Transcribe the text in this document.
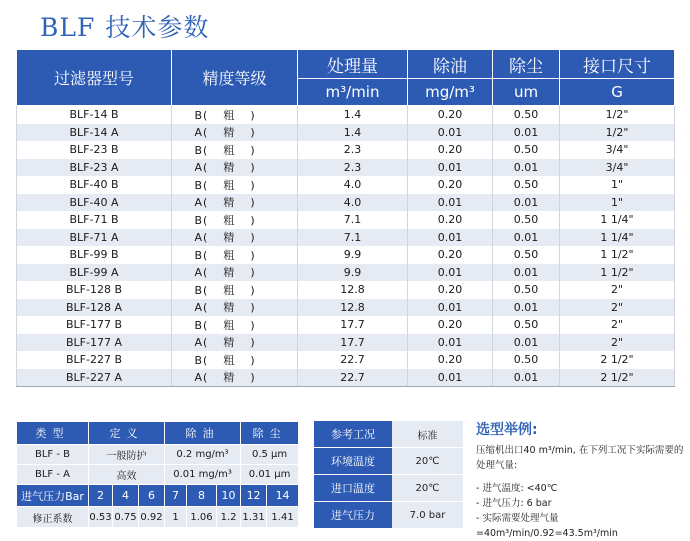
BLF 技术参数
过滤器型号	精度等级	处理量	除油	除尘	接口尺寸
		m³/min	mg/m³	um	G
BLF-14 B	B( 粗 )	1.4	0.20	0.50	1/2"
BLF-14 A	A( 精 )	1.4	0.01	0.01	1/2"
BLF-23 B	B( 粗 )	2.3	0.20	0.50	3/4"
BLF-23 A	A( 精 )	2.3	0.01	0.01	3/4"
BLF-40 B	B( 粗 )	4.0	0.20	0.50	1"
BLF-40 A	A( 精 )	4.0	0.01	0.01	1"
BLF-71 B	B( 粗 )	7.1	0.20	0.50	1 1/4"
BLF-71 A	A( 精 )	7.1	0.01	0.01	1 1/4"
BLF-99 B	B( 粗 )	9.9	0.20	0.50	1 1/2"
BLF-99 A	A( 精 )	9.9	0.01	0.01	1 1/2"
BLF-128 B	B( 粗 )	12.8	0.20	0.50	2"
BLF-128 A	A( 精 )	12.8	0.01	0.01	2"
BLF-177 B	B( 粗 )	17.7	0.20	0.50	2"
BLF-177 A	A( 精 )	17.7	0.01	0.01	2"
BLF-227 B	B( 粗 )	22.7	0.20	0.50	2 1/2"
BLF-227 A	A( 精 )	22.7	0.01	0.01	2 1/2"
类型	定义			除油			除尘	
BLF - B	一般防护			0.2 mg/m³			0.5 μm	
BLF - A	高效			0.01 mg/m³			0.01 μm	
进气压力Bar	2	4	6	7	8	10	12	14
修正系数	0.53	0.75	0.92	1	1.06	1.2	1.31	1.41
参考工况	标准
环境温度	20℃
进口温度	20℃
进气压力	7.0 bar
选型举例:

压缩机出口40 m³/min, 在下列工况下实际需要的处理气量:

- 进气温度: <40℃

- 进气压力: 6 bar

- 实际需要处理气量=40m³/min/0.92=43.5m³/min
